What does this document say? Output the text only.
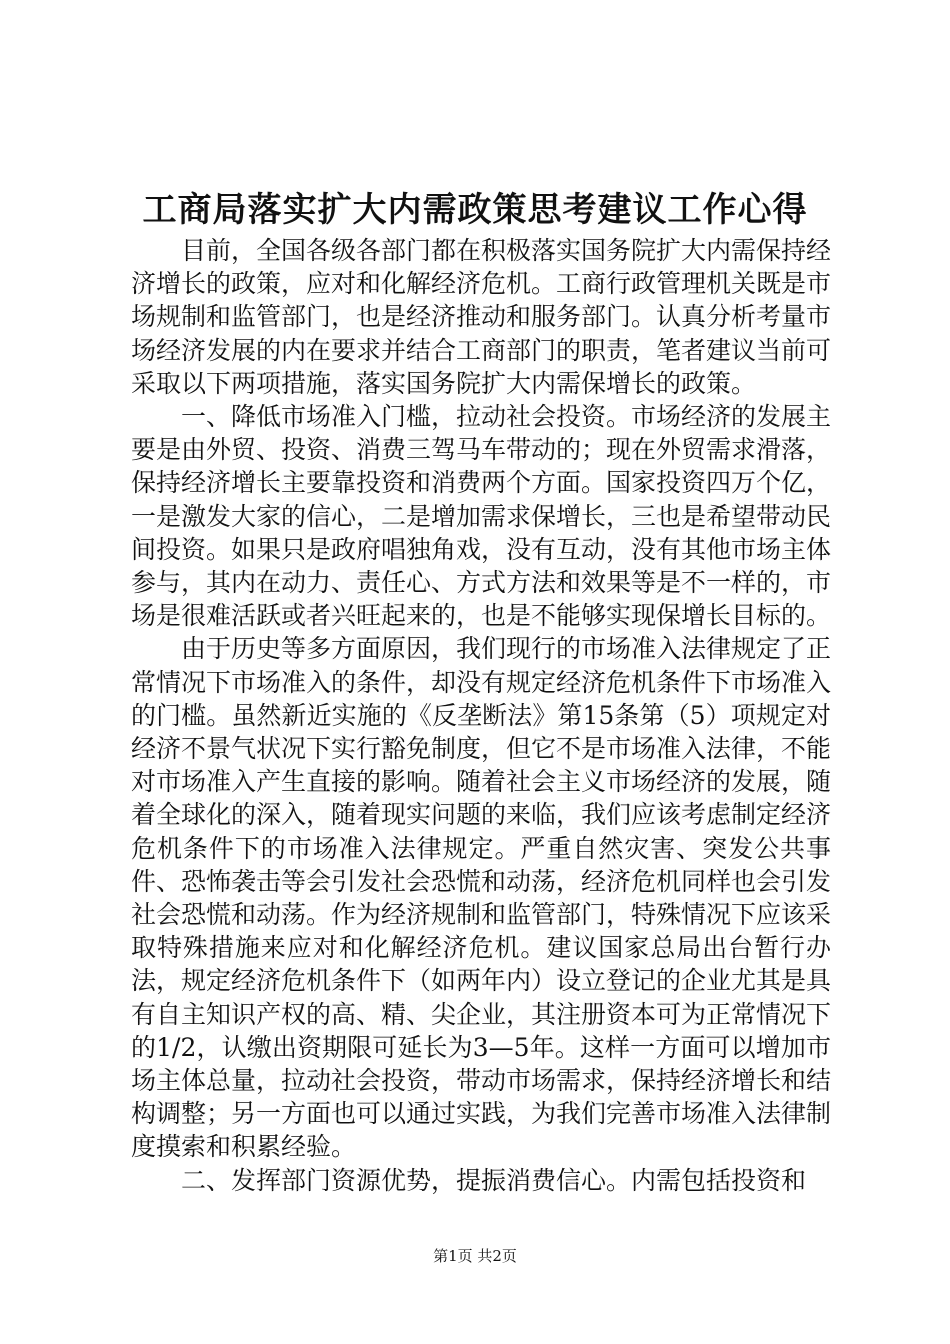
工商局落实扩大内需政策思考建议工作心得

目前，全国各级各部门都在积极落实国务院扩大内需保持经济增长的政策，应对和化解经济危机。工商行政管理机关既是市场规制和监管部门，也是经济推动和服务部门。认真分析考量市场经济发展的内在要求并结合工商部门的职责，笔者建议当前可采取以下两项措施，落实国务院扩大内需保增长的政策。

一、降低市场准入门槛，拉动社会投资。市场经济的发展主要是由外贸、投资、消费三驾马车带动的；现在外贸需求滑落，保持经济增长主要靠投资和消费两个方面。国家投资四万个亿，一是激发大家的信心，二是增加需求保增长，三也是希望带动民间投资。如果只是政府唱独角戏，没有互动，没有其他市场主体参与，其内在动力、责任心、方式方法和效果等是不一样的，市场是很难活跃或者兴旺起来的，也是不能够实现保增长目标的。

由于历史等多方面原因，我们现行的市场准入法律规定了正常情况下市场准入的条件，却没有规定经济危机条件下市场准入的门槛。虽然新近实施的《反垄断法》第15条第（5）项规定对经济不景气状况下实行豁免制度，但它不是市场准入法律，不能对市场准入产生直接的影响。随着社会主义市场经济的发展，随着全球化的深入，随着现实问题的来临，我们应该考虑制定经济危机条件下的市场准入法律规定。严重自然灾害、突发公共事件、恐怖袭击等会引发社会恐慌和动荡，经济危机同样也会引发社会恐慌和动荡。作为经济规制和监管部门，特殊情况下应该采取特殊措施来应对和化解经济危机。建议国家总局出台暂行办法，规定经济危机条件下（如两年内）设立登记的企业尤其是具有自主知识产权的高、精、尖企业，其注册资本可为正常情况下的1/2，认缴出资期限可延长为3—5年。这样一方面可以增加市场主体总量，拉动社会投资，带动市场需求，保持经济增长和结构调整；另一方面也可以通过实践，为我们完善市场准入法律制度摸索和积累经验。

二、发挥部门资源优势，提振消费信心。内需包括投资和

第1页 共2页
